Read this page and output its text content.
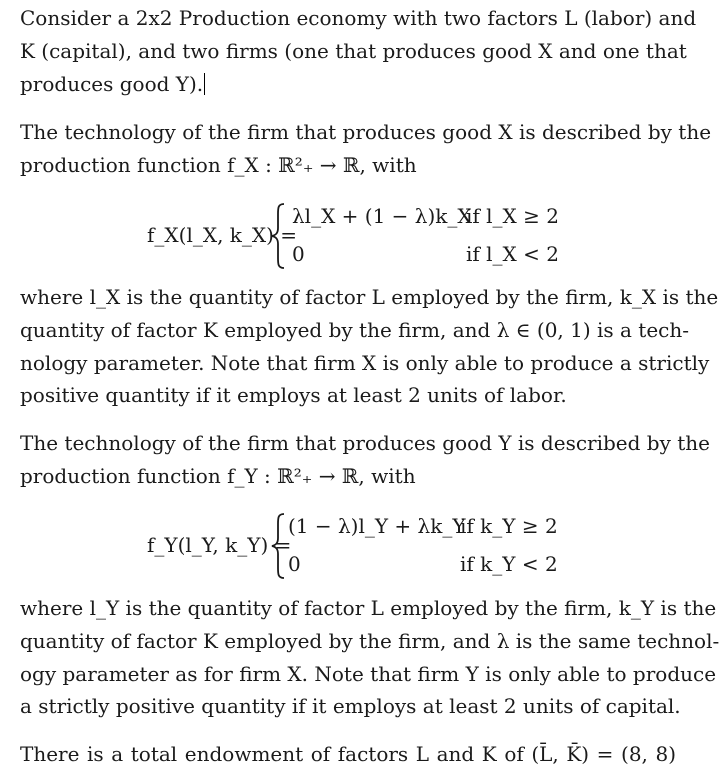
Consider a 2x2 Production economy with two factors L (labor) and
K (capital), and two firms (one that produces good X and one that
produces good Y).

The technology of the firm that produces good X is described by the
production function f_X : ℝ²₊ → ℝ, with

f_X(l_X, k_X) =
λl_X + (1 − λ)k_X
if l_X ≥ 2
0	if l_X < 2

where l_X is the quantity of factor L employed by the firm, k_X is the
quantity of factor K employed by the firm, and λ ∈ (0, 1) is a tech-
nology parameter. Note that firm X is only able to produce a strictly
positive quantity if it employs at least 2 units of labor.

The technology of the firm that produces good Y is described by the
production function f_Y : ℝ²₊ → ℝ, with

f_Y(l_Y, k_Y) =
(1 − λ)l_Y + λk_Y
if k_Y ≥ 2
0	if k_Y < 2

where l_Y is the quantity of factor L employed by the firm, k_Y is the
quantity of factor K employed by the firm, and λ is the same technol-
ogy parameter as for firm X. Note that firm Y is only able to produce
a strictly positive quantity if it employs at least 2 units of capital.

There is a total endowment of factors L and K of (L̄, K̄) = (8, 8)
